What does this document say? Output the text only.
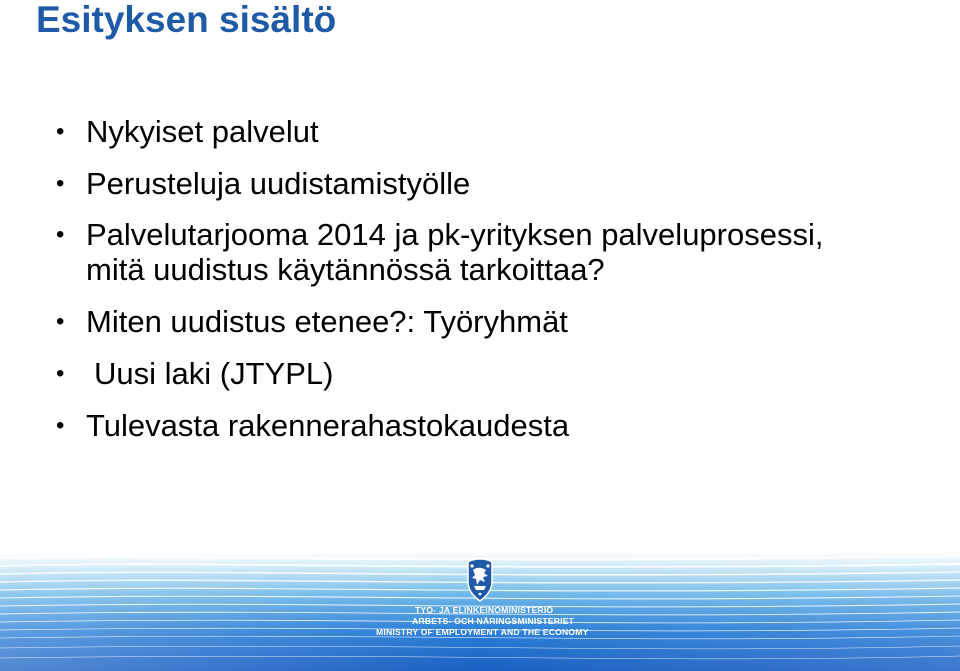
Esityksen sisältö
• Nykyiset palvelut
• Perusteluja uudistamistyölle
• Palvelutarjooma 2014 ja pk-yrityksen palveluprosessi, mitä uudistus käytännössä tarkoittaa?
• Miten uudistus etenee?: Työryhmät
• Uusi laki (JTYPL)
• Tulevasta rakennerahastokaudesta
TYÖ- JA ELINKEINOMINISTERIÖ
ARBETS- OCH NÄRINGSMINISTERIET
MINISTRY OF EMPLOYMENT AND THE ECONOMY
